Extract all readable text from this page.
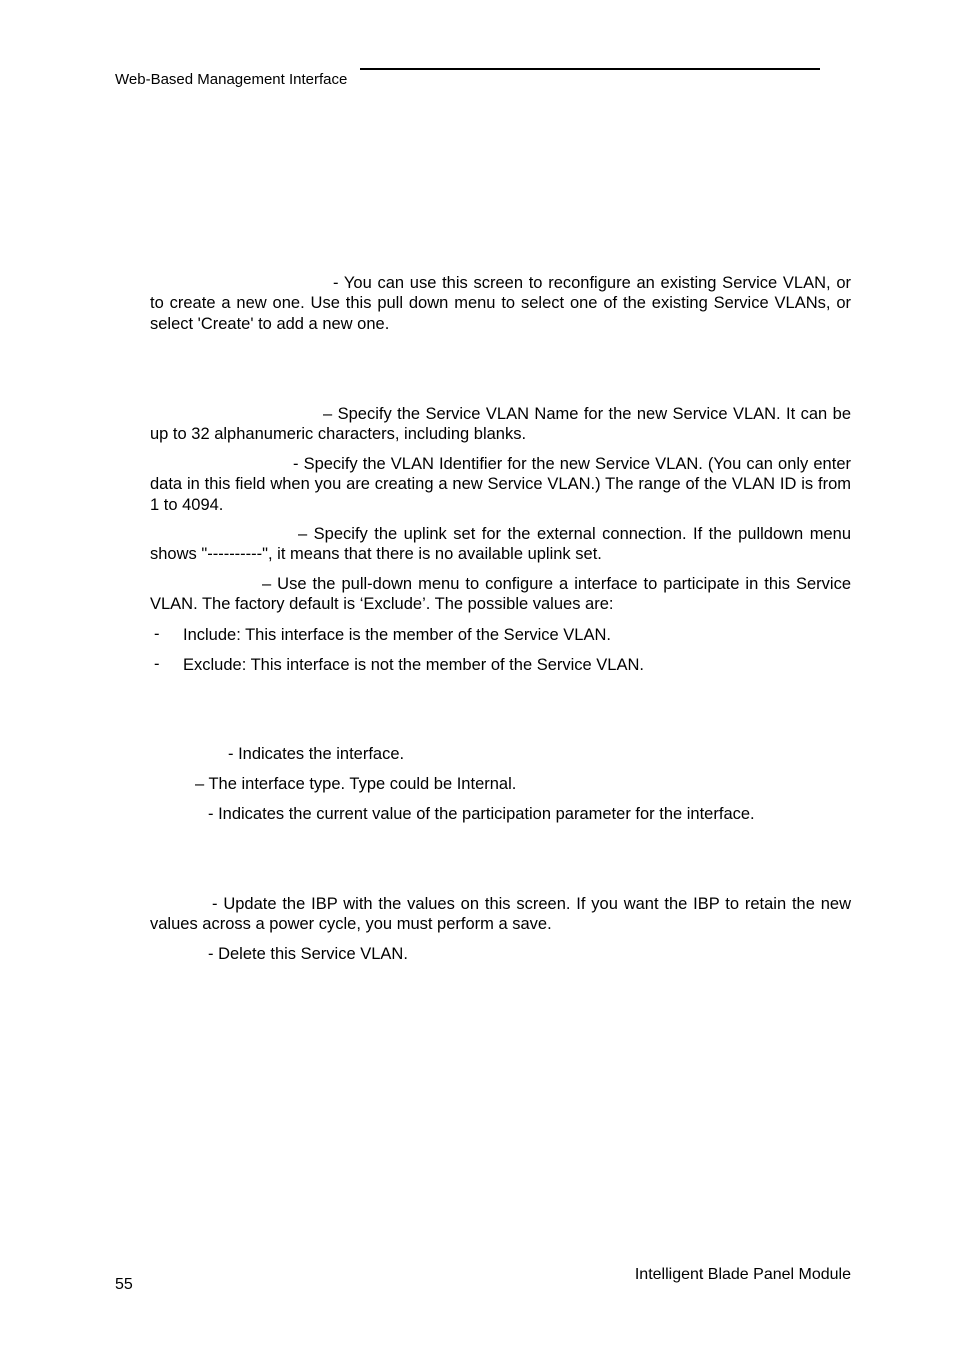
Web-Based Management Interface
- You can use this screen to reconfigure an existing Service VLAN, or to create a new one. Use this pull down menu to select one of the existing Service VLANs, or select 'Create' to add a new one.
– Specify the Service VLAN Name for the new Service VLAN. It can be up to 32 alphanumeric characters, including blanks.
- Specify the VLAN Identifier for the new Service VLAN. (You can only enter data in this field when you are creating a new Service VLAN.) The range of the VLAN ID is from 1 to 4094.
– Specify the uplink set for the external connection. If the pulldown menu shows "----------", it means that there is no available uplink set.
– Use the pull-down menu to configure a interface to participate in this Service VLAN. The factory default is ‘Exclude’. The possible values are:
- Include: This interface is the member of the Service VLAN.
- Exclude: This interface is not the member of the Service VLAN.
- Indicates the interface.
– The interface type. Type could be Internal.
- Indicates the current value of the participation parameter for the interface.
- Update the IBP with the values on this screen. If you want the IBP to retain the new values across a power cycle, you must perform a save.
- Delete this Service VLAN.
55
Intelligent Blade Panel Module
